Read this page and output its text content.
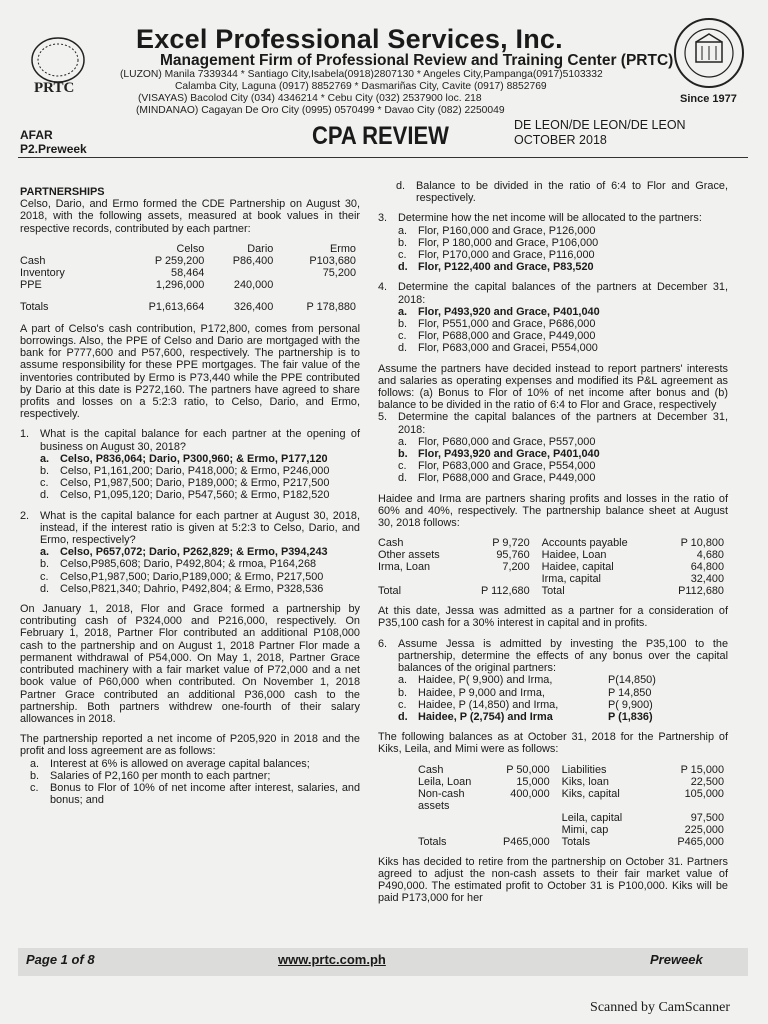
PRTC
Excel Professional Services, Inc.
Management Firm of Professional Review and Training Center (PRTC)
(LUZON) Manila 7339344 * Santiago City,Isabela(0918)2807130 * Angeles City,Pampanga(0917)5103332
Calamba City, Laguna (0917) 8852769 * Dasmariñas City, Cavite (0917) 8852769
(VISAYAS) Bacolod City (034) 4346214 * Cebu City (032) 2537900 loc. 218
(MINDANAO) Cagayan De Oro City (0995) 0570499 * Davao City (082) 2250049
Since 1977
AFAR
P2.Preweek	CPA REVIEW	DE LEON/DE LEON/DE LEON
OCTOBER 2018
PARTNERSHIPS

Celso, Dario, and Ermo formed the CDE Partnership on August 30, 2018, with the following assets, measured at book values in their respective records, contributed by each partner:

	Celso	Dario	Ermo
Cash	P 259,200	P86,400	P103,680
Inventory	58,464		75,200
PPE	1,296,000	240,000	
Totals	P1,613,664	326,400	P 178,880

A part of Celso's cash contribution, P172,800, comes from personal borrowings. Also, the PPE of Celso and Dario are mortgaged with the bank for P777,600 and P57,600, respectively. The partnership is to assume responsibility for these PPE mortgages. The fair value of the inventories contributed by Ermo is P73,440 while the PPE contributed by Dario at this date is P272,160. The partners have agreed to share profits and losses on a 5:2:3 ratio, to Celso, Dario, and Ermo, respectively.

1. What is the capital balance for each partner at the opening of business on August 30, 2018?
a. Celso, P836,064; Dario, P300,960; & Ermo, P177,120
b. Celso, P1,161,200; Dario, P418,000; & Ermo, P246,000
c. Celso, P1,987,500; Dario, P189,000; & Ermo, P217,500
d. Celso, P1,095,120; Dario, P547,560; & Ermo, P182,520
2. What is the capital balance for each partner at August 30, 2018, instead, if the interest ratio is given at 5:2:3 to Celso, Dario, and Ermo, respectively?
a. Celso, P657,072; Dario, P262,829; & Ermo, P394,243
b. Celso,P985,608; Dario, P492,804; & rmoa, P164,268
c. Celso,P1,987,500; Dario,P189,000; & Ermo, P217,500
d. Celso,P821,340; Dahrio, P492,804; & Ermo, P328,536

On January 1, 2018, Flor and Grace formed a partnership by contributing cash of P324,000 and P216,000, respectively. On February 1, 2018, Partner Flor contributed an additional P108,000 cash to the partnership and on August 1, 2018 Partner Flor made a permanent withdrawal of P54,000. On May 1, 2018, Partner Grace contributed machinery with a fair market value of P72,000 and a net book value of P60,000 when contributed. On November 1, 2018 Partner Grace contributed an additional P36,000 cash to the partnership. Both partners withdrew one-fourth of their salary allowances in 2018.

The partnership reported a net income of P205,920 in 2018 and the profit and loss agreement are as follows:

a. Interest at 6% is allowed on average capital balances;
b. Salaries of P2,160 per month to each partner;
c. Bonus to Flor of 10% of net income after interest, salaries, and bonus; and
d. Balance to be divided in the ratio of 6:4 to Flor and Grace, respectively.
3. Determine how the net income will be allocated to the partners:
a. Flor, P160,000 and Grace, P126,000
b. Flor, P 180,000 and Grace, P106,000
c. Flor, P170,000 and Grace, P116,000
d. Flor, P122,400 and Grace, P83,520
4. Determine the capital balances of the partners at December 31, 2018:
a. Flor, P493,920 and Grace, P401,040
b. Flor, P551,000 and Grace, P686,000
c. Flor, P688,000 and Grace, P449,000
d. Flor, P683,000 and Gracei, P554,000

Assume the partners have decided instead to report partners' interests and salaries as operating expenses and modified its P&L agreement as follows: (a) Bonus to Flor of 10% of net income after bonus and (b) balance to be divided in the ratio of 6:4 to Flor and Grace, respectively

5. Determine the capital balances of the partners at December 31, 2018:
a. Flor, P680,000 and Grace, P557,000
b. Flor, P493,920 and Grace, P401,040
c. Flor, P683,000 and Grace, P554,000
d. Flor, P688,000 and Grace, P449,000

Haidee and Irma are partners sharing profits and losses in the ratio of 60% and 40%, respectively. The partnership balance sheet at August 30, 2018 follows:

Cash	P 9,720	Accounts payable	P 10,800
Other assets	95,760	Haidee, Loan	4,680
Irma, Loan	7,200	Haidee, capital	64,800
		Irma, capital	32,400
Total	P 112,680	Total	P112,680

At this date, Jessa was admitted as a partner for a consideration of P35,100 cash for a 30% interest in capital and in profits.

6. Assume Jessa is admitted by investing the P35,100 to the partnership, determine the effects of any bonus over the capital balances of the original partners:
a. Haidee, P( 9,900) and Irma,	P(14,850)
b. Haidee, P 9,000 and Irma,	P 14,850
c. Haidee, P (14,850) and Irma,	P( 9,900)
d. Haidee, P (2,754) and Irma	P (1,836)

The following balances as at October 31, 2018 for the Partnership of Kiks, Leila, and Mimi were as follows:

Cash	P 50,000	Liabilities	P 15,000
Leila, Loan	15,000	Kiks, loan	22,500
Non-cash assets	400,000	Kiks, capital	105,000
		Leila, capital	97,500
		Mimi, cap	225,000
Totals	P465,000	Totals	P465,000

Kiks has decided to retire from the partnership on October 31. Partners agreed to adjust the non-cash assets to their fair market value of P490,000. The estimated profit to October 31 is P100,000. Kiks will be paid P173,000 for her

Page 1 of 8	www.prtc.com.ph	Preweek
Scanned by CamScanner
